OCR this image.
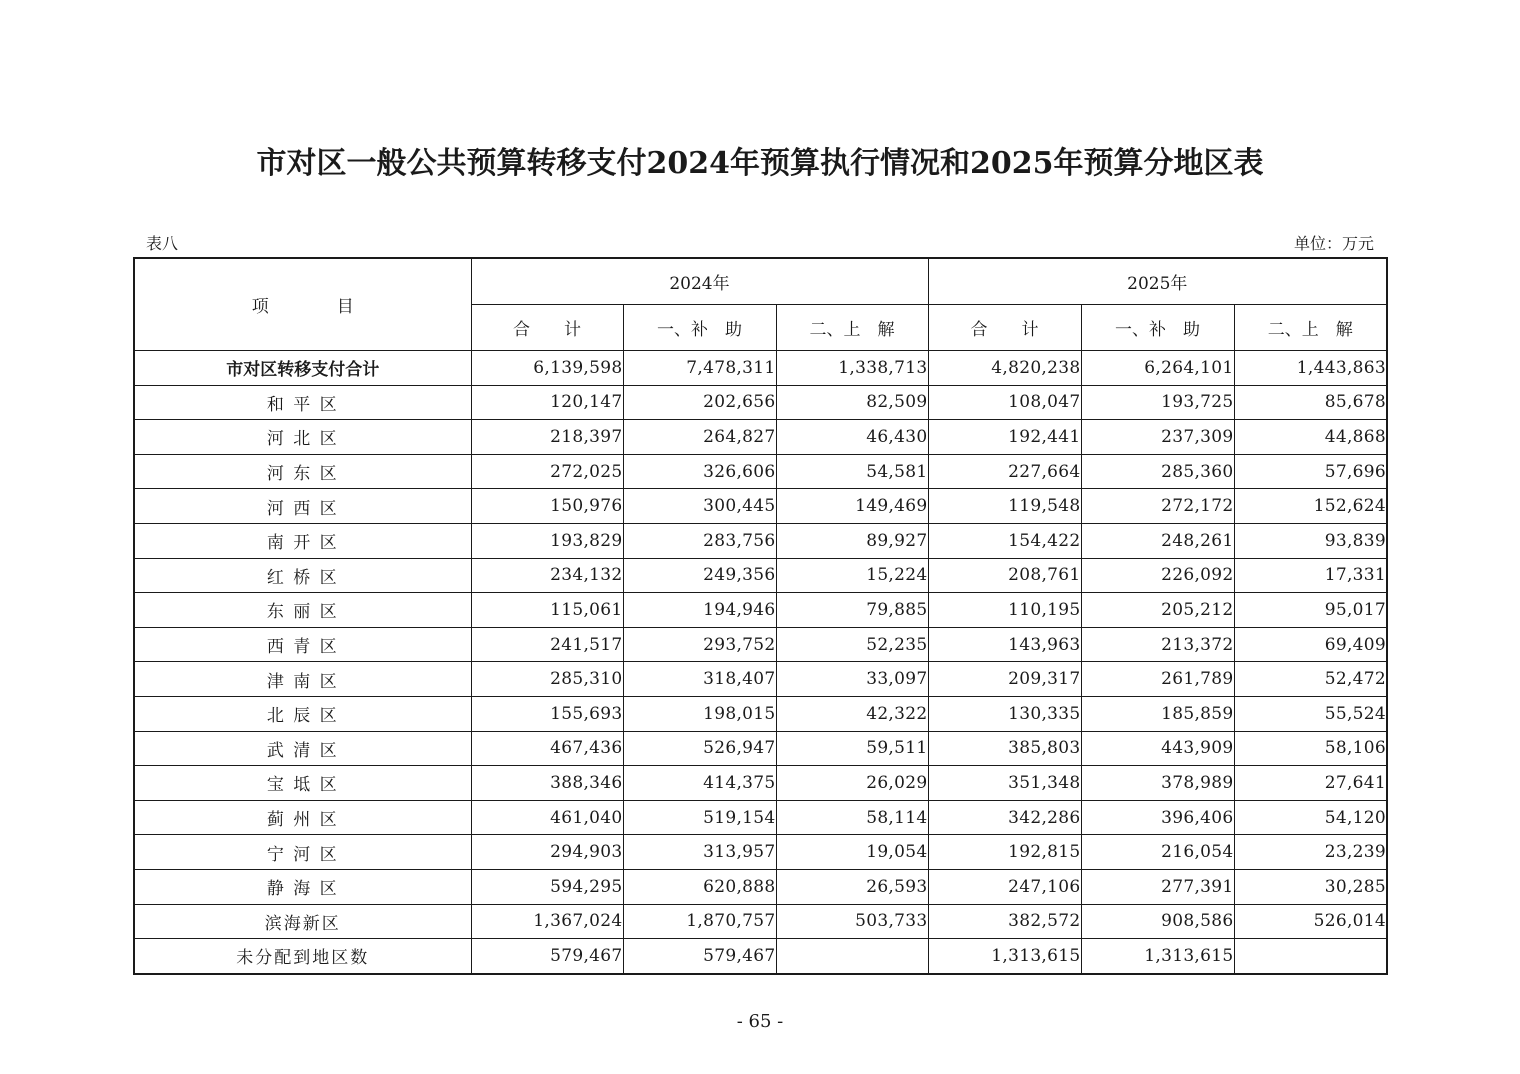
市对区一般公共预算转移支付2024年预算执行情况和2025年预算分地区表
表八	单位：万元
项　　　　目	2024年			2025年		
	合　　计	一、补　助	二、上　解	合　　计	一、补　助	二、上　解
市对区转移支付合计	6,139,598	7,478,311	1,338,713	4,820,238	6,264,101	1,443,863
和 平 区	120,147	202,656	82,509	108,047	193,725	85,678
河 北 区	218,397	264,827	46,430	192,441	237,309	44,868
河 东 区	272,025	326,606	54,581	227,664	285,360	57,696
河 西 区	150,976	300,445	149,469	119,548	272,172	152,624
南 开 区	193,829	283,756	89,927	154,422	248,261	93,839
红 桥 区	234,132	249,356	15,224	208,761	226,092	17,331
东 丽 区	115,061	194,946	79,885	110,195	205,212	95,017
西 青 区	241,517	293,752	52,235	143,963	213,372	69,409
津 南 区	285,310	318,407	33,097	209,317	261,789	52,472
北 辰 区	155,693	198,015	42,322	130,335	185,859	55,524
武 清 区	467,436	526,947	59,511	385,803	443,909	58,106
宝 坻 区	388,346	414,375	26,029	351,348	378,989	27,641
蓟 州 区	461,040	519,154	58,114	342,286	396,406	54,120
宁 河 区	294,903	313,957	19,054	192,815	216,054	23,239
静 海 区	594,295	620,888	26,593	247,106	277,391	30,285
滨海新区	1,367,024	1,870,757	503,733	382,572	908,586	526,014
未分配到地区数	579,467	579,467		1,313,615	1,313,615	
- 65 -
